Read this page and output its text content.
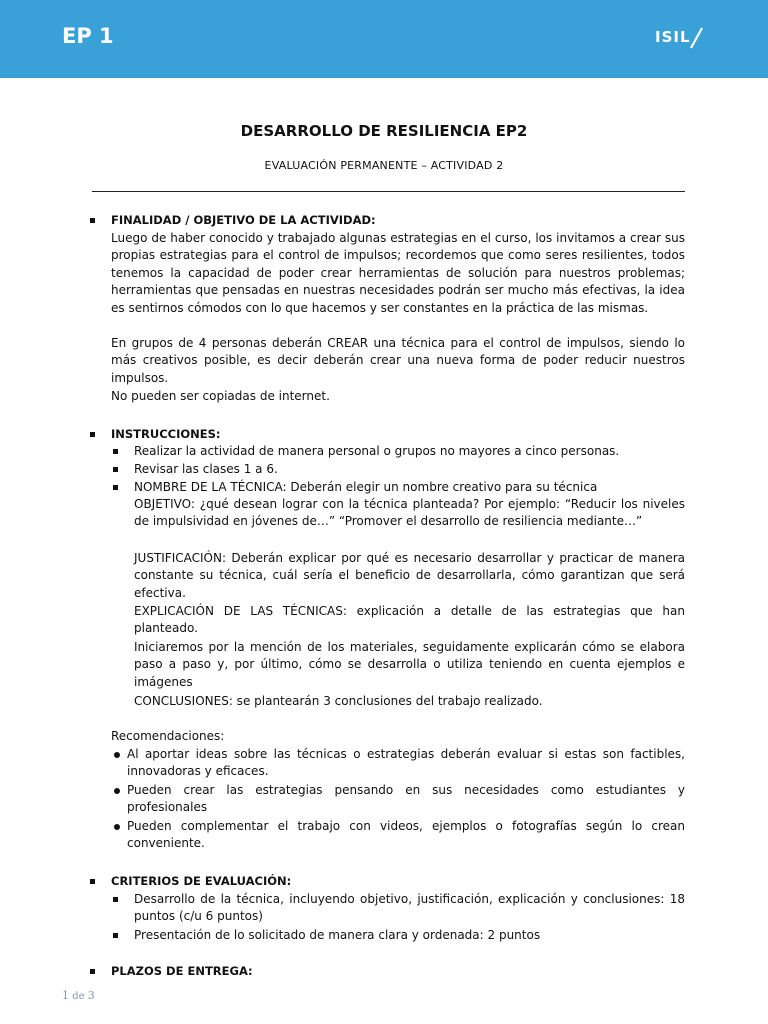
EP 1	ISIL
DESARROLLO DE RESILIENCIA EP2
EVALUACIÓN PERMANENTE – ACTIVIDAD 2
FINALIDAD / OBJETIVO DE LA ACTIVIDAD:
Luego de haber conocido y trabajado algunas estrategias en el curso, los invitamos a crear sus propias estrategias para el control de impulsos; recordemos que como seres resilientes, todos tenemos la capacidad de poder crear herramientas de solución para nuestros problemas; herramientas que pensadas en nuestras necesidades podrán ser mucho más efectivas, la idea es sentirnos cómodos con lo que hacemos y ser constantes en la práctica de las mismas.
En grupos de 4 personas deberán CREAR una técnica para el control de impulsos, siendo lo más creativos posible, es decir deberán crear una nueva forma de poder reducir nuestros impulsos.
No pueden ser copiadas de internet.
INSTRUCCIONES:
Realizar la actividad de manera personal o grupos no mayores a cinco personas.
Revisar las clases 1 a 6.
NOMBRE DE LA TÉCNICA: Deberán elegir un nombre creativo para su técnica
OBJETIVO: ¿qué desean lograr con la técnica planteada? Por ejemplo: “Reducir los niveles de impulsividad en jóvenes de…” “Promover el desarrollo de resiliencia mediante…”
JUSTIFICACIÓN: Deberán explicar por qué es necesario desarrollar y practicar de manera constante su técnica, cuál sería el beneficio de desarrollarla, cómo garantizan que será efectiva.
EXPLICACIÓN DE LAS TÉCNICAS: explicación a detalle de las estrategias que han planteado.
Iniciaremos por la mención de los materiales, seguidamente explicarán cómo se elabora paso a paso y, por último, cómo se desarrolla o utiliza teniendo en cuenta ejemplos e imágenes
CONCLUSIONES: se plantearán 3 conclusiones del trabajo realizado.
Recomendaciones:
Al aportar ideas sobre las técnicas o estrategias deberán evaluar si estas son factibles, innovadoras y eficaces.
Pueden crear las estrategias pensando en sus necesidades como estudiantes y profesionales
Pueden complementar el trabajo con videos, ejemplos o fotografías según lo crean conveniente.
CRITERIOS DE EVALUACIÓN:
Desarrollo de la técnica, incluyendo objetivo, justificación, explicación y conclusiones: 18 puntos (c/u 6 puntos)
Presentación de lo solicitado de manera clara y ordenada: 2 puntos
PLAZOS DE ENTREGA:
1 de 3
